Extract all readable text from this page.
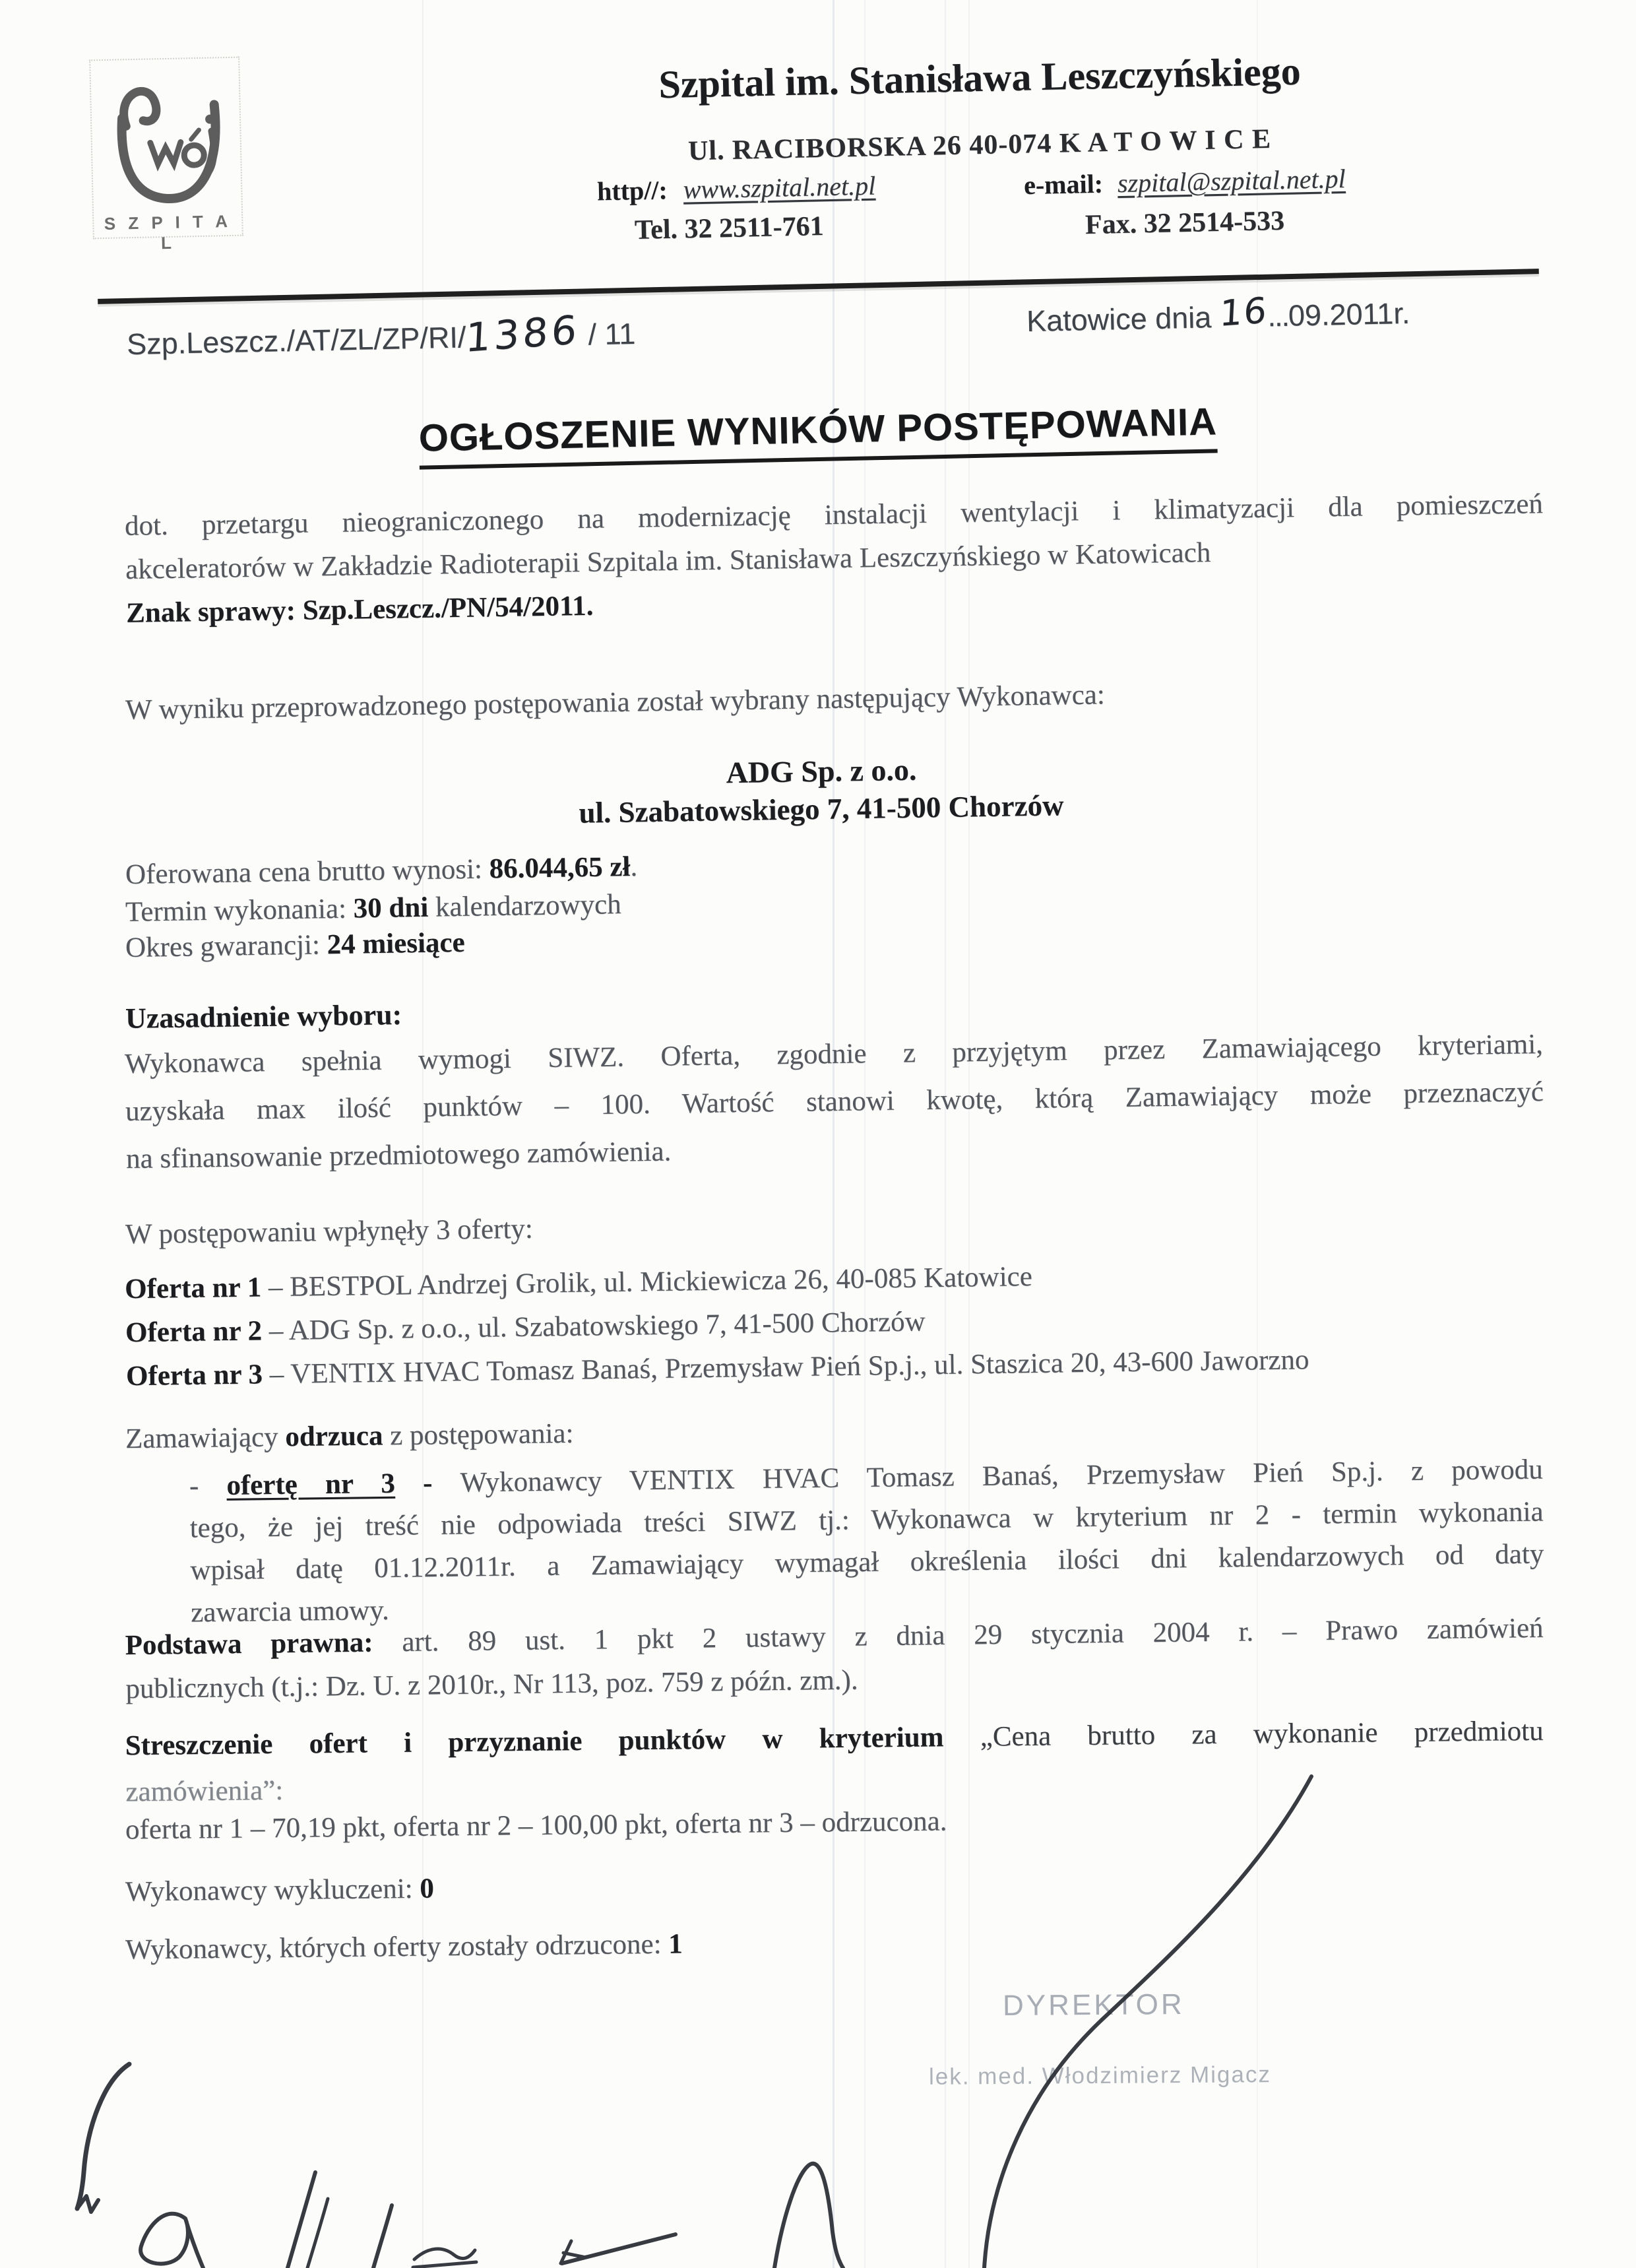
S Z P I T A L
Szpital im. Stanisława Leszczyńskiego
Ul. RACIBORSKA 26 40-074 K A T O W I C E
http//: www.szpital.net.pl	e-mail: szpital@szpital.net.pl
Tel. 32 2511-761	Fax. 32 2514-533
Szp.Leszcz./AT/ZL/ZP/RI/1386 / 11	Katowice dnia 16...09.2011r.
OGŁOSZENIE WYNIKÓW POSTĘPOWANIA
dot. przetargu nieograniczonego na modernizację instalacji wentylacji i klimatyzacji dla pomieszczeń
akceleratorów w Zakładzie Radioterapii Szpitala im. Stanisława Leszczyńskiego w Katowicach
Znak sprawy: Szp.Leszcz./PN/54/2011.
W wyniku przeprowadzonego postępowania został wybrany następujący Wykonawca:
ADG Sp. z o.o.
ul. Szabatowskiego 7, 41-500 Chorzów
Oferowana cena brutto wynosi: 86.044,65 zł.
Termin wykonania: 30 dni kalendarzowych
Okres gwarancji: 24 miesiące
Uzasadnienie wyboru:
Wykonawca spełnia wymogi SIWZ. Oferta, zgodnie z przyjętym przez Zamawiającego kryteriami,
uzyskała max ilość punktów – 100. Wartość stanowi kwotę, którą Zamawiający może przeznaczyć
na sfinansowanie przedmiotowego zamówienia.
W postępowaniu wpłynęły 3 oferty:
Oferta nr 1 – BESTPOL Andrzej Grolik, ul. Mickiewicza 26, 40-085 Katowice
Oferta nr 2 – ADG Sp. z o.o., ul. Szabatowskiego 7, 41-500 Chorzów
Oferta nr 3 – VENTIX HVAC Tomasz Banaś, Przemysław Pień Sp.j., ul. Staszica 20, 43-600 Jaworzno
Zamawiający odrzuca z postępowania:
- ofertę nr 3 - Wykonawcy VENTIX HVAC Tomasz Banaś, Przemysław Pień Sp.j. z powodu
tego, że jej treść nie odpowiada treści SIWZ tj.: Wykonawca w kryterium nr 2 - termin wykonania
wpisał datę 01.12.2011r. a Zamawiający wymagał określenia ilości dni kalendarzowych od daty
zawarcia umowy.
Podstawa prawna: art. 89 ust. 1 pkt 2 ustawy z dnia 29 stycznia 2004 r. – Prawo zamówień
publicznych (t.j.: Dz. U. z 2010r., Nr 113, poz. 759 z późn. zm.).
Streszczenie ofert i przyznanie punktów w kryterium „Cena brutto za wykonanie przedmiotu
zamówienia”:
oferta nr 1 – 70,19 pkt, oferta nr 2 – 100,00 pkt, oferta nr 3 – odrzucona.
Wykonawcy wykluczeni: 0
Wykonawcy, których oferty zostały odrzucone: 1
DYREKTOR
lek. med. Włodzimierz Migacz
